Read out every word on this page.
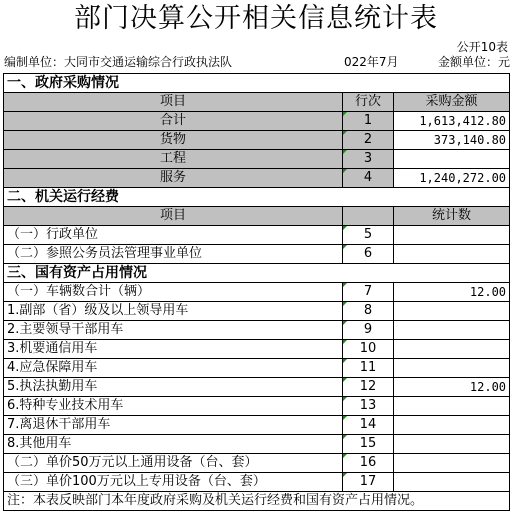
部门决算公开相关信息统计表
公开10表
编制单位：大同市交通运输综合行政执法队	022年7月	金额单位：元
一、政府采购情况		
项目	行次	采购金额
合计	1	1,613,412.80
货物	2	373,140.80
工程	3	
服务	4	1,240,272.00
二、机关运行经费		
项目		统计数
（一）行政单位	5	
（二）参照公务员法管理事业单位	6	
三、国有资产占用情况		
（一）车辆数合计（辆）	7	12.00
1.副部（省）级及以上领导用车	8	
2.主要领导干部用车	9	
3.机要通信用车	10	
4.应急保障用车	11	
5.执法执勤用车	12	12.00
6.特种专业技术用车	13	
7.离退休干部用车	14	
8.其他用车	15	
（二）单价50万元以上通用设备（台、套）	16	
（三）单价100万元以上专用设备（台、套）	17	
注：本表反映部门本年度政府采购及机关运行经费和国有资产占用情况。		
